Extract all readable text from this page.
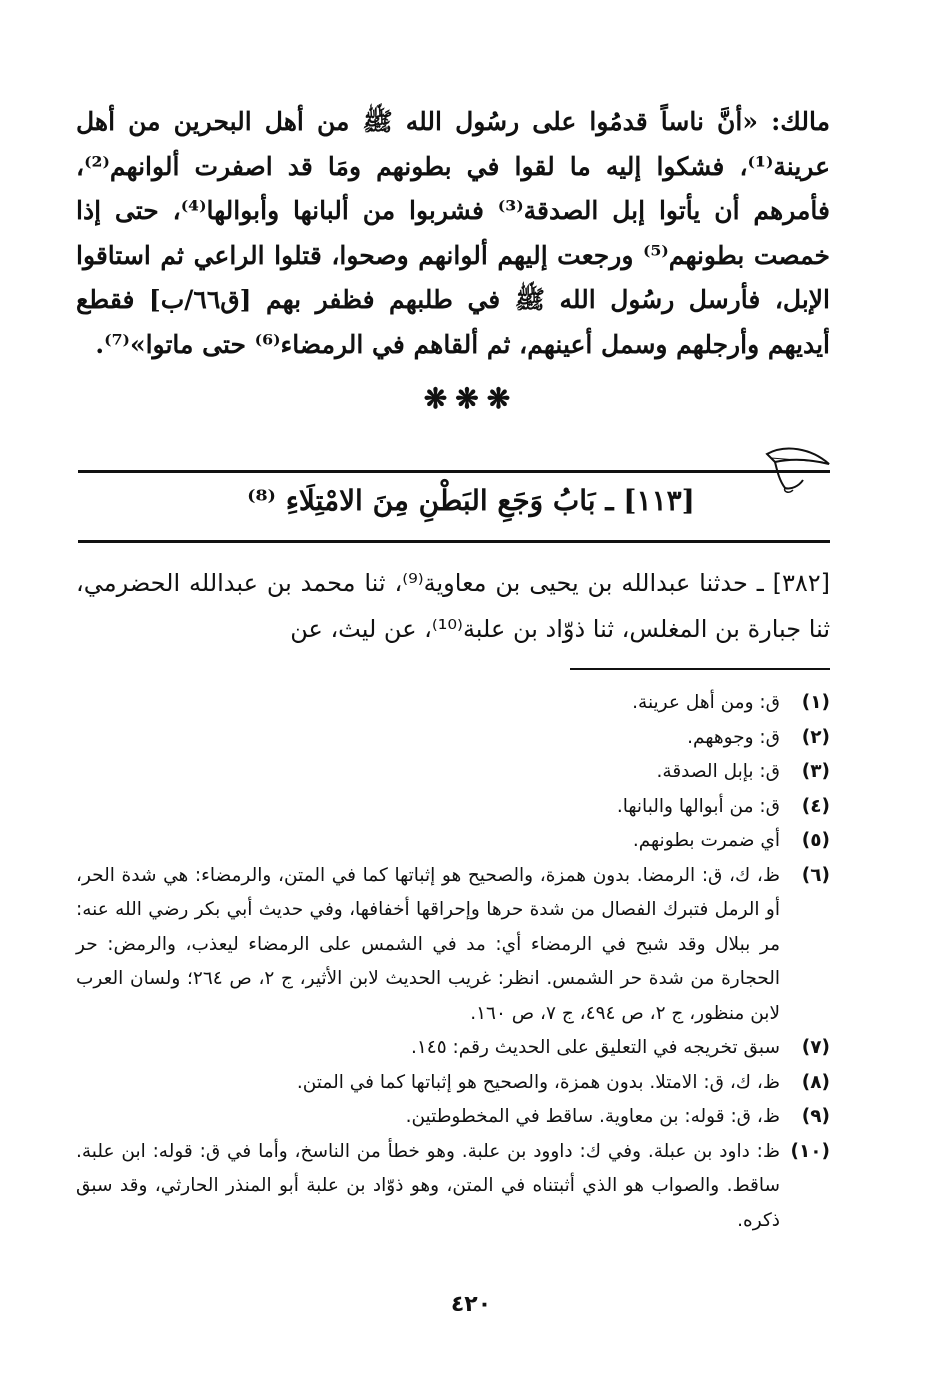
مالك: «أنَّ ناساً قدمُوا على رسُول الله ﷺ من أهل البحرين من أهل عرينة⁽¹⁾، فشكوا إليه ما لقوا في بطونهم ومَا قد اصفرت ألوانهم⁽²⁾، فأمرهم أن يأتوا إبل الصدقة⁽³⁾ فشربوا من ألبانها وأبوالها⁽⁴⁾، حتى إذا خمصت بطونهم⁽⁵⁾ ورجعت إليهم ألوانهم وصحوا، قتلوا الراعي ثم استاقوا الإبل، فأرسل رسُول الله ﷺ في طلبهم فظفر بهم [ق٦٦/ب] فقطع أيديهم وأرجلهم وسمل أعينهم، ثم ألقاهم في الرمضاء⁽⁶⁾ حتى ماتوا»⁽⁷⁾.
❋❋❋
[١١٣] ـ بَابُ وَجَعِ البَطْنِ مِنَ الامْتِلَاءِ ⁽⁸⁾
[٣٨٢] ـ حدثنا عبدالله بن يحيى بن معاوية⁽⁹⁾، ثنا محمد بن عبدالله الحضرمي، ثنا جبارة بن المغلس، ثنا ذوّاد بن علبة⁽¹⁰⁾، عن ليث، عن
(١)
ق: ومن أهل عرينة.
(٢)
ق: وجوههم.
(٣)
ق: بإبل الصدقة.
(٤)
ق: من أبوالها والبانها.
(٥)
أي ضمرت بطونهم.
(٦)
ظ، ك، ق: الرمضا. بدون همزة، والصحيح هو إثباتها كما في المتن، والرمضاء: هي شدة الحر، أو الرمل فتبرك الفصال من شدة حرها وإحراقها أخفافها، وفي حديث أبي بكر رضي الله عنه: مر ببلال وقد شبح في الرمضاء أي: مد في الشمس على الرمضاء ليعذب، والرمض: حر الحجارة من شدة حر الشمس. انظر: غريب الحديث لابن الأثير، ج ٢، ص ٢٦٤؛ ولسان العرب لابن منظور، ج ٢، ص ٤٩٤، ج ٧، ص ١٦٠.
(٧)
سبق تخريجه في التعليق على الحديث رقم: ١٤٥.
(٨)
ظ، ك، ق: الامتلا. بدون همزة، والصحيح هو إثباتها كما في المتن.
(٩)
ظ، ق: قوله: بن معاوية. ساقط في المخطوطتين.
(١٠)
ظ: داود بن عبلة. وفي ك: داوود بن علبة. وهو خطأ من الناسخ، وأما في ق: قوله: ابن علبة. ساقط. والصواب هو الذي أثبتناه في المتن، وهو ذوّاد بن علبة أبو المنذر الحارثي، وقد سبق ذكره.
٤٢٠
